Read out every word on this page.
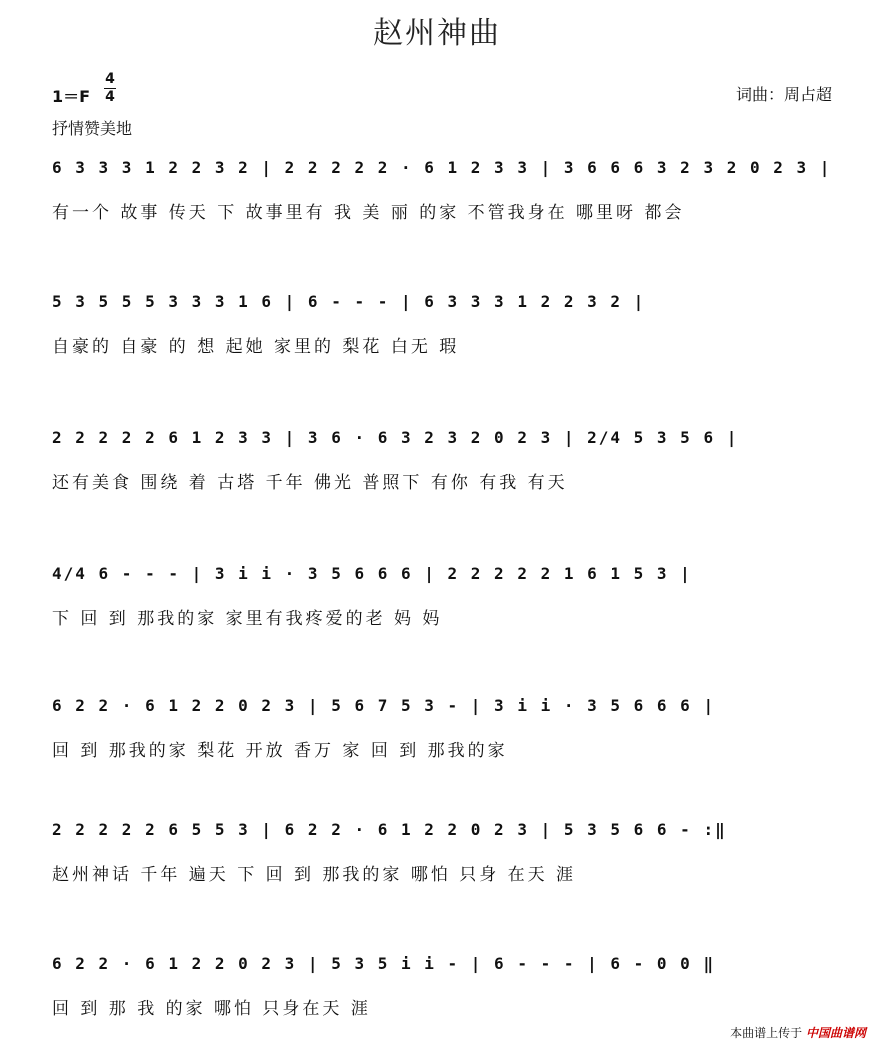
赵州神曲
1＝F
4
4	词曲：周占超
抒情赞美地
6 3 3 3 1 2 2 3 2 | 2 2 2 2 2 · 6 1 2 3 3 | 3 6 6 6 3 2 3 2 0 2 3 |
有一个 故事 传天 下 故事里有 我 美 丽 的家 不管我身在 哪里呀 都会
5 3 5 5 5 3 3 3 1 6 | 6 - - - | 6 3 3 3 1 2 2 3 2 |
自豪的 自豪 的 想 起她 家里的 梨花 白无 瑕
2 2 2 2 2 6 1 2 3 3 | 3 6 · 6 3 2 3 2 0 2 3 | 2/4 5 3 5 6 |
还有美食 围绕 着 古塔 千年 佛光 普照下 有你 有我 有天
4/4 6 - - - | 3 i i · 3 5 6 6 6 | 2 2 2 2 2 1 6 1 5 3 |
下 回 到 那我的家 家里有我疼爱的老 妈 妈
6 2 2 · 6 1 2 2 0 2 3 | 5 6 7 5 3 - | 3 i i · 3 5 6 6 6 |
回 到 那我的家 梨花 开放 香万 家 回 到 那我的家
2 2 2 2 2 6 5 5 3 | 6 2 2 · 6 1 2 2 0 2 3 | 5 3 5 6 6 - :‖
赵州神话 千年 遍天 下 回 到 那我的家 哪怕 只身 在天 涯
6 2 2 · 6 1 2 2 0 2 3 | 5 3 5 i i - | 6 - - - | 6 - 0 0 ‖
回 到 那 我 的家 哪怕 只身在天 涯
本曲谱上传于 中国曲谱网
